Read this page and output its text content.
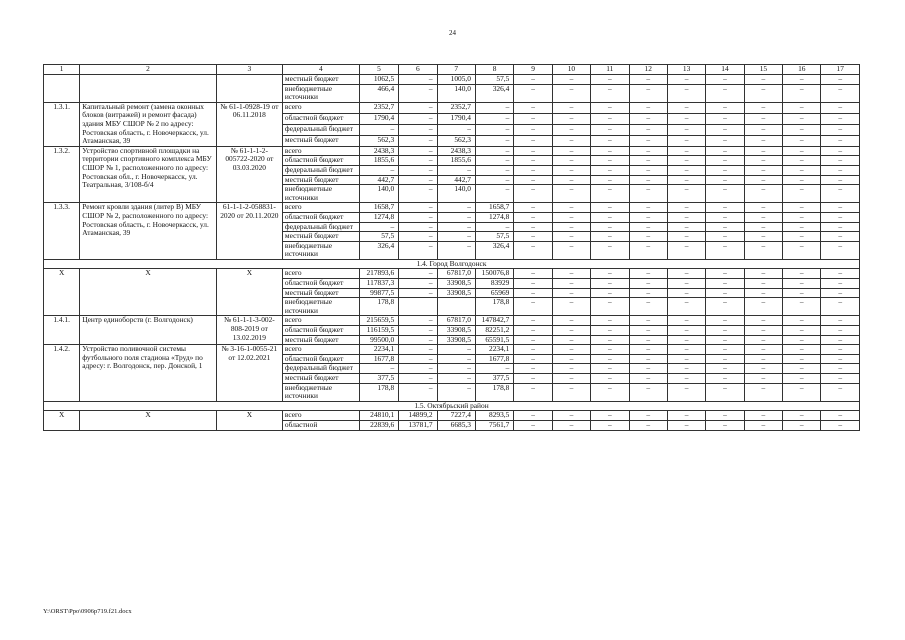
24
1	2	3	4	5	6	7	8	9	10	11	12	13	14	15	16	17
			местный бюджет	1062,5	–	1005,0	57,5	–	–	–	–	–	–	–	–	–
			внебюджетные источники	466,4	–	140,0	326,4	–	–	–	–	–	–	–	–	–
1.3.1.	Капитальный ремонт (замена оконных блоков (витражей) и ремонт фасада) здания МБУ СШОР № 2 по адресу: Ростовская область, г. Новочеркасск, ул. Атаманская, 39	№ 61-1-0928-19 от 06.11.2018	всего	2352,7	–	2352,7	–	–	–	–	–	–	–	–	–	–
			областной бюджет	1790,4	–	1790,4	–	–	–	–	–	–	–	–	–	–
			федеральный бюджет	–	–	–	–	–	–	–	–	–	–	–	–	–
			местный бюджет	562,3	–	562,3	–	–	–	–	–	–	–	–	–	–
1.3.2.	Устройство спортивной площадки на территории спортивного комплекса МБУ СШОР № 1, расположенного по адресу: Ростовская обл., г. Новочеркасск, ул. Театральная, 3/108-б/4	№ 61-1-1-2-005722-2020 от 03.03.2020	всего	2438,3	–	2438,3	–	–	–	–	–	–	–	–	–	–
			областной бюджет	1855,6	–	1855,6	–	–	–	–	–	–	–	–	–	–
			федеральный бюджет	–	–	–	–	–	–	–	–	–	–	–	–	–
			местный бюджет	442,7	–	442,7	–	–	–	–	–	–	–	–	–	–
			внебюджетные источники	140,0	–	140,0	–	–	–	–	–	–	–	–	–	–
1.3.3.	Ремонт кровли здания (литер В) МБУ СШОР № 2, расположенного по адресу: Ростовская область, г. Новочеркасск, ул. Атаманская, 39	61-1-1-2-058831-2020 от 20.11.2020	всего	1658,7	–	–	1658,7	–	–	–	–	–	–	–	–	–
			областной бюджет	1274,8	–	–	1274,8	–	–	–	–	–	–	–	–	–
			федеральный бюджет	–	–	–	–	–	–	–	–	–	–	–	–	–
			местный бюджет	57,5	–	–	57,5	–	–	–	–	–	–	–	–	–
			внебюджетные источники	326,4	–	–	326,4	–	–	–	–	–	–	–	–	–
1.4. Город Волгодонск																
Х	Х	Х	всего	217893,6	–	67817,0	150076,8	–	–	–	–	–	–	–	–	–
			областной бюджет	117837,3	–	33908,5	83929	–	–	–	–	–	–	–	–	–
			местный бюджет	99877,5	–	33908,5	65969	–	–	–	–	–	–	–	–	–
			внебюджетные источники	178,8			178,8	–	–	–	–	–	–	–	–	–
1.4.1.	Центр единоборств (г. Волгодонск)	№ 61-1-1-3-002-808-2019 от 13.02.2019	всего	215659,5	–	67817,0	147842,7	–	–	–	–	–	–	–	–	–
			областной бюджет	116159,5	–	33908,5	82251,2	–	–	–	–	–	–	–	–	–
			местный бюджет	99500,0	–	33908,5	65591,5	–	–	–	–	–	–	–	–	–
1.4.2.	Устройство поливочной системы футбольного поля стадиона «Труд» по адресу: г. Волгодонск, пер. Донской, 1	№ 3-16-1-0055-21 от 12.02.2021	всего	2234,1	–	–	2234,1	–	–	–	–	–	–	–	–	–
			областной бюджет	1677,8	–	–	1677,8	–	–	–	–	–	–	–	–	–
			федеральный бюджет	–	–	–	–	–	–	–	–	–	–	–	–	–
			местный бюджет	377,5	–	–	377,5	–	–	–	–	–	–	–	–	–
			внебюджетные источники	178,8	–	–	178,8	–	–	–	–	–	–	–	–	–
1.5. Октябрьский район																
Х	Х	Х	всего	24810,1	14899,2	7227,4	8293,5	–	–	–	–	–	–	–	–	–
			областной	22839,6	13781,7	6685,3	7561,7	–	–	–	–	–	–	–	–	–
Y:\ORST\Ppo\0906p719.f21.docx
